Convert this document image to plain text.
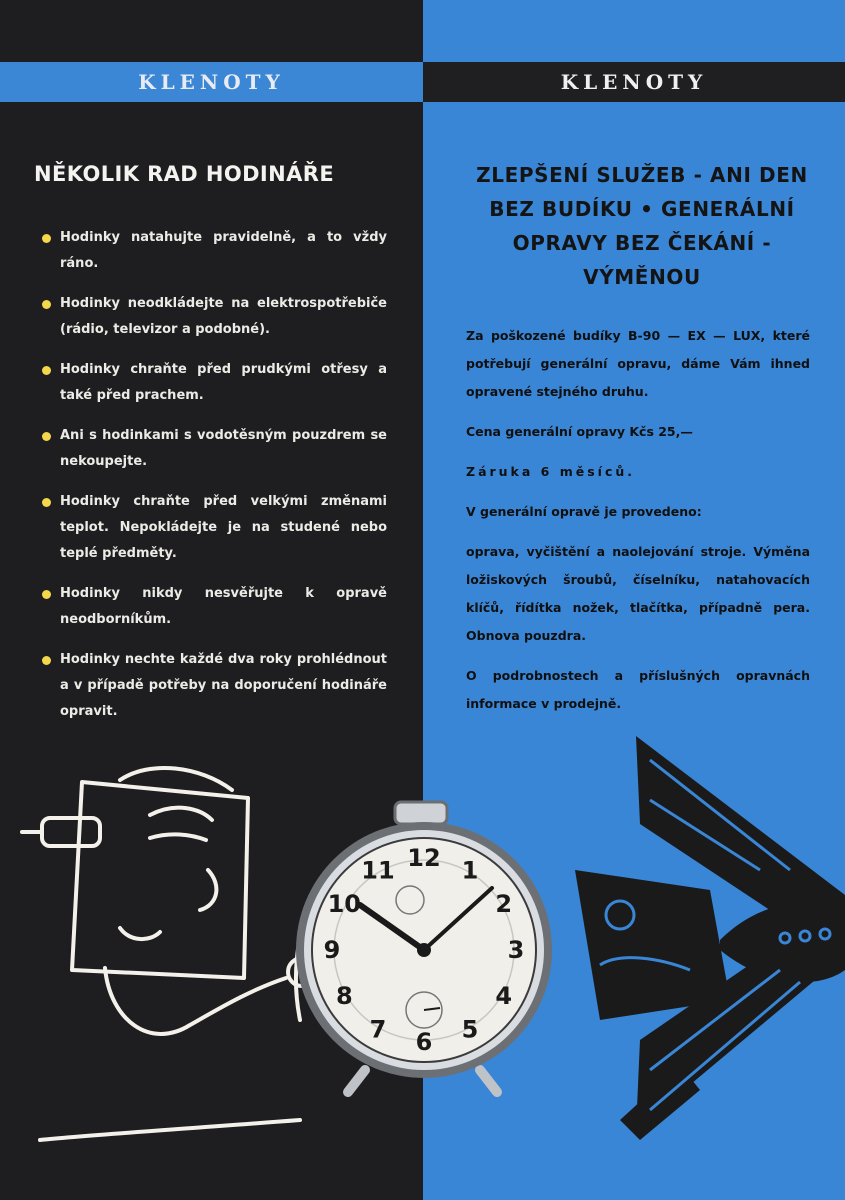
KLENOTY
NĚKOLIK RAD HODINÁŘE
Hodinky natahujte pravidelně, a to vždy ráno.
Hodinky neodkládejte na elektrospotřebiče (rádio, televizor a podobné).
Hodinky chraňte před prudkými otřesy a také před prachem.
Ani s hodinkami s vodotěsným pouzdrem se nekoupejte.
Hodinky chraňte před velkými změnami teplot. Nepokládejte je na studené nebo teplé předměty.
Hodinky nikdy nesvěřujte k opravě neodborníkům.
Hodinky nechte každé dva roky prohlédnout a v případě potřeby na doporučení hodináře opravit.
KLENOTY
ZLEPŠENÍ SLUŽEB - ANI DEN BEZ BUDÍKU • GENERÁLNÍ OPRAVY BEZ ČEKÁNÍ - VÝMĚNOU

Za poškozené budíky B-90 — EX — LUX, které potřebují generální opravu, dáme Vám ihned opravené stejného druhu.

Cena generální opravy Kčs 25,—

Záruka 6 měsíců.

V generální opravě je provedeno:

oprava, vyčištění a naolejování stroje. Výměna ložiskových šroubů, číselníku, natahovacích klíčů, řídítka nožek, tlačítka, případně pera. Obnova pouzdra.

O podrobnostech a příslušných opravnách informace v prodejně.

12 1
2
3
4
5
6
7
8
9
10
11
